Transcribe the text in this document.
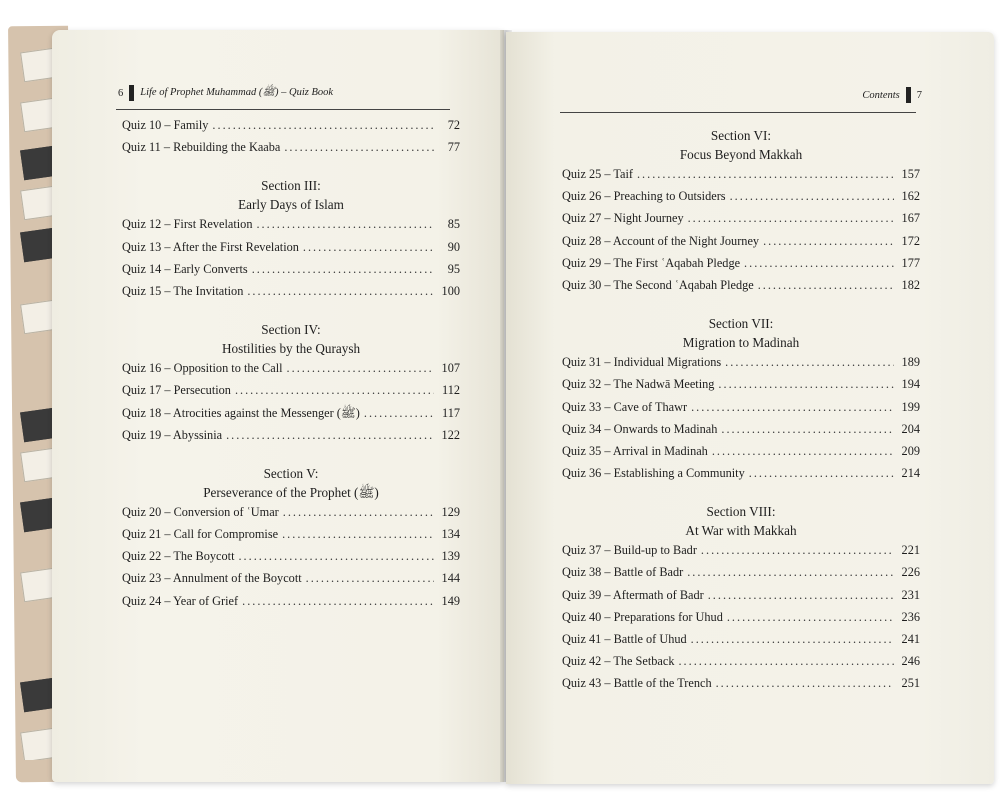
6 Life of Prophet Muhammad (ﷺ) – Quiz Book
Quiz 10 – Family .....	72
Quiz 11 – Rebuilding the Kaaba .....	77
Section III:
Early Days of Islam
Quiz 12 – First Revelation .....	85
Quiz 13 – After the First Revelation .....	90
Quiz 14 – Early Converts .....	95
Quiz 15 – The Invitation .....	100
Section IV:
Hostilities by the Quraysh
Quiz 16 – Opposition to the Call .....	107
Quiz 17 – Persecution .....	112
Quiz 18 – Atrocities against the Messenger (ﷺ) .....	117
Quiz 19 – Abyssinia .....	122
Section V:
Perseverance of the Prophet (ﷺ)
Quiz 20 – Conversion of ʿUmar .....	129
Quiz 21 – Call for Compromise .....	134
Quiz 22 – The Boycott .....	139
Quiz 23 – Annulment of the Boycott .....	144
Quiz 24 – Year of Grief .....	149
Contents 7
Section VI:
Focus Beyond Makkah
Quiz 25 – Taif .....	157
Quiz 26 – Preaching to Outsiders .....	162
Quiz 27 – Night Journey .....	167
Quiz 28 – Account of the Night Journey .....	172
Quiz 29 – The First ʿAqabah Pledge .....	177
Quiz 30 – The Second ʿAqabah Pledge .....	182
Section VII:
Migration to Madinah
Quiz 31 – Individual Migrations .....	189
Quiz 32 – The Nadwā Meeting .....	194
Quiz 33 – Cave of Thawr .....	199
Quiz 34 – Onwards to Madinah .....	204
Quiz 35 – Arrival in Madinah .....	209
Quiz 36 – Establishing a Community .....	214
Section VIII:
At War with Makkah
Quiz 37 – Build-up to Badr .....	221
Quiz 38 – Battle of Badr .....	226
Quiz 39 – Aftermath of Badr .....	231
Quiz 40 – Preparations for Uhud .....	236
Quiz 41 – Battle of Uhud .....	241
Quiz 42 – The Setback .....	246
Quiz 43 – Battle of the Trench .....	251
